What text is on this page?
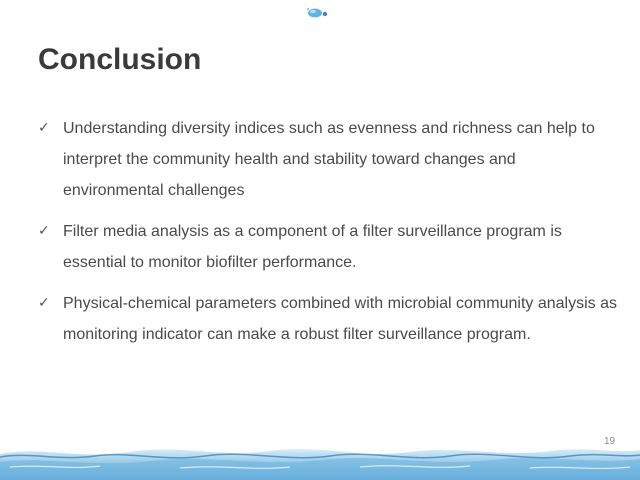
Conclusion
✓ Understanding diversity indices such as evenness and richness can help to interpret the community health and stability toward changes and environmental challenges
✓ Filter media analysis as a component of a filter surveillance program is essential to monitor biofilter performance.
✓ Physical-chemical parameters combined with microbial community analysis as monitoring indicator can make a robust filter surveillance program.
19
